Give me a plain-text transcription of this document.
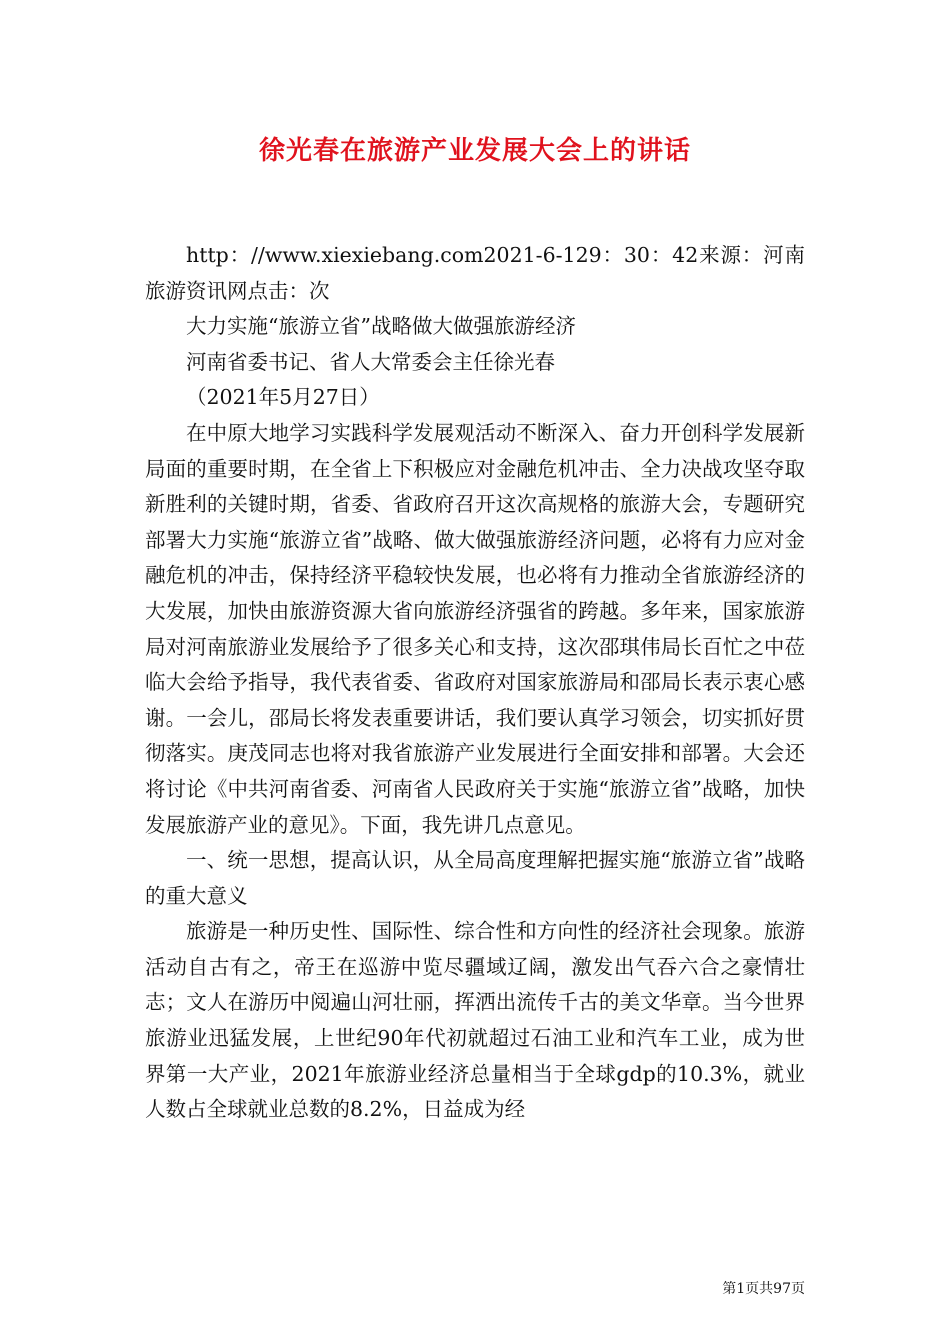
徐光春在旅游产业发展大会上的讲话

http：//www.xiexiebang.com2021-6-129：30：42来源：河南旅游资讯网点击：次

大力实施“旅游立省”战略做大做强旅游经济

河南省委书记、省人大常委会主任徐光春

（2021年5月27日）

在中原大地学习实践科学发展观活动不断深入、奋力开创科学发展新局面的重要时期，在全省上下积极应对金融危机冲击、全力决战攻坚夺取新胜利的关键时期，省委、省政府召开这次高规格的旅游大会，专题研究部署大力实施“旅游立省”战略、做大做强旅游经济问题，必将有力应对金融危机的冲击，保持经济平稳较快发展，也必将有力推动全省旅游经济的大发展，加快由旅游资源大省向旅游经济强省的跨越。多年来，国家旅游局对河南旅游业发展给予了很多关心和支持，这次邵琪伟局长百忙之中莅临大会给予指导，我代表省委、省政府对国家旅游局和邵局长表示衷心感谢。一会儿，邵局长将发表重要讲话，我们要认真学习领会，切实抓好贯彻落实。庚茂同志也将对我省旅游产业发展进行全面安排和部署。大会还将讨论《中共河南省委、河南省人民政府关于实施“旅游立省”战略，加快发展旅游产业的意见》。下面，我先讲几点意见。

一、统一思想，提高认识，从全局高度理解把握实施“旅游立省”战略的重大意义

旅游是一种历史性、国际性、综合性和方向性的经济社会现象。旅游活动自古有之，帝王在巡游中览尽疆域辽阔，激发出气吞六合之豪情壮志；文人在游历中阅遍山河壮丽，挥洒出流传千古的美文华章。当今世界旅游业迅猛发展，上世纪90年代初就超过石油工业和汽车工业，成为世界第一大产业，2021年旅游业经济总量相当于全球gdp的10.3%，就业人数占全球就业总数的8.2%，日益成为经

第1页共97页
